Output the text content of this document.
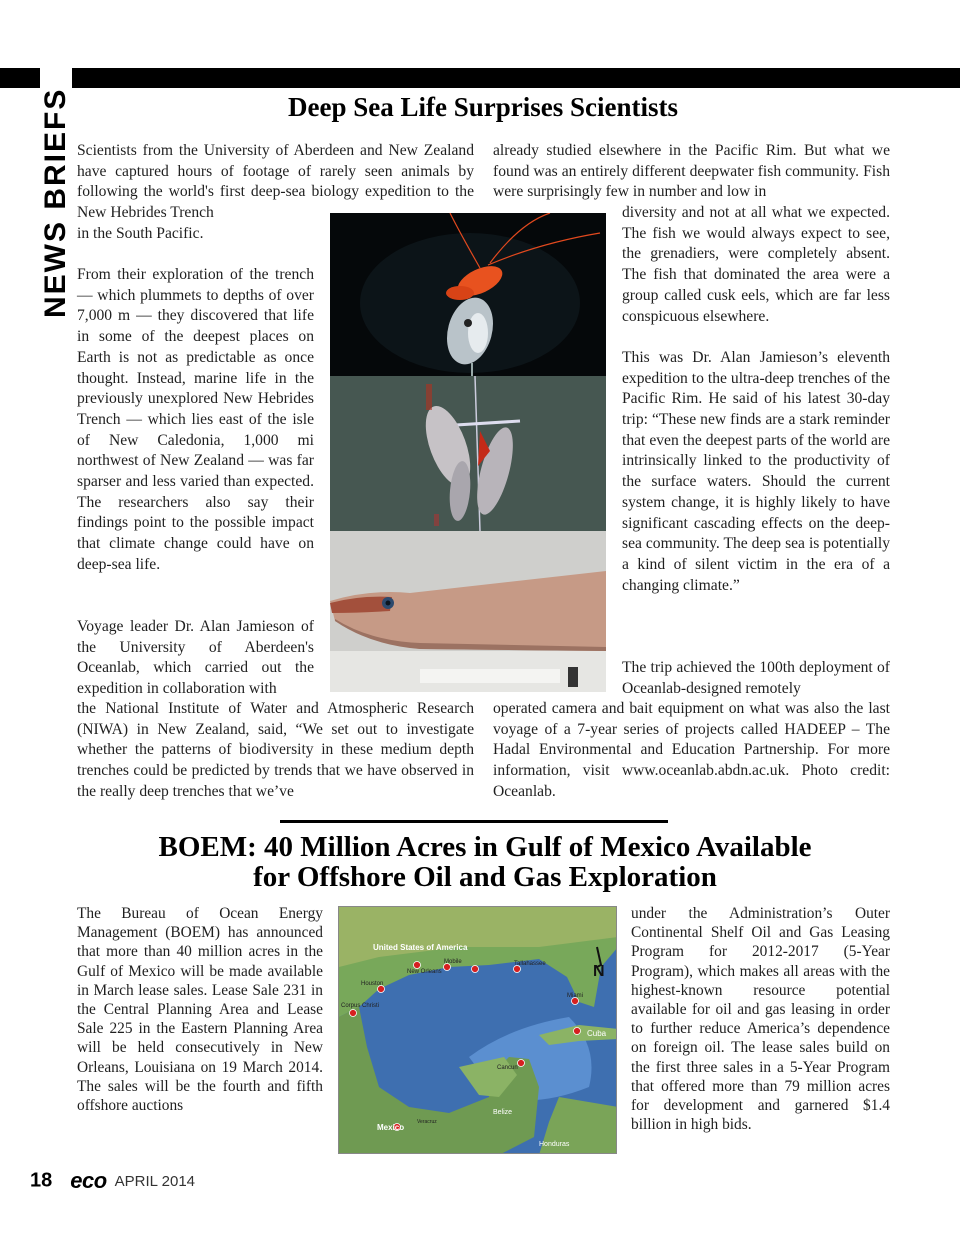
NEWS BRIEFS	Deep Sea Life Surprises Scientists

Scientists from the University of Aberdeen and New Zealand have captured hours of footage of rarely seen animals by following the world's first deep-sea biology expedition to the New Hebrides Trench

in the South Pacific.

From their exploration of the trench — which plummets to depths of over 7,000 m — they discovered that life in some of the deepest places on Earth is not as predictable as once thought. Instead, marine life in the previously unexplored New Hebrides Trench — which lies east of the isle of New Caledonia, 1,000 mi northwest of New Zealand — was far sparser and less varied than expected. The researchers also say their findings point to the possible impact that climate change could have on deep-sea life.

Voyage leader Dr. Alan Jamieson of the University of Aberdeen's Oceanlab, which carried out the expedition in collaboration with

the National Institute of Water and Atmospheric Research (NIWA) in New Zealand, said, “We set out to investigate whether the patterns of biodiversity in these medium depth trenches could be predicted by trends that we have observed in the really deep trenches that we’ve

already studied elsewhere in the Pacific Rim. But what we found was an entirely different deepwater fish community. Fish were surprisingly few in number and low in

diversity and not at all what we expected. The fish we would always expect to see, the grenadiers, were completely absent. The fish that dominated the area were a group called cusk eels, which are far less conspicuous elsewhere.

This was Dr. Alan Jamieson’s eleventh expedition to the ultra-deep trenches of the Pacific Rim. He said of his latest 30-day trip: “These new finds are a stark reminder that even the deepest parts of the world are intrinsically linked to the productivity of the surface waters. Should the current system change, it is highly likely to have significant cascading effects on the deep-sea community. The deep sea is potentially a kind of silent victim in the era of a changing climate.”

The trip achieved the 100th deployment of Oceanlab-designed remotely

operated camera and bait equipment on what was also the last voyage of a 7-year series of projects called HADEEP – The Hadal Environmental and Education Partnership. For more information, visit www.oceanlab.abdn.ac.uk. Photo credit: Oceanlab.

BOEM: 40 Million Acres in Gulf of Mexico Available
for Offshore Oil and Gas Exploration

The Bureau of Ocean Energy Management (BOEM) has announced that more than 40 million acres in the Gulf of Mexico will be made available in March lease sales. Lease Sale 231 in the Central Planning Area and Lease Sale 225 in the Eastern Planning Area will be held consecutively in New Orleans, Louisiana on 19 March 2014. The sales will be the fourth and fifth offshore auctions

under the Administration’s Outer Continental Shelf Oil and Gas Leasing Program for 2012-2017 (5-Year Program), which makes all areas with the highest-known resource potential available for oil and gas leasing in order to further reduce America’s dependence on foreign oil. The lease sales build on the first three sales in a 5-Year Program that offered more than 79 million acres for development and garnered $1.4 billion in high bids.

United States of America
New Orleans
Mobile	Tallahassee
Houston
Corpus Christi
Miami
Cuba
Cancun
Belize
Mexico
Veracruz
Honduras
N
18 eco APRIL 2014
